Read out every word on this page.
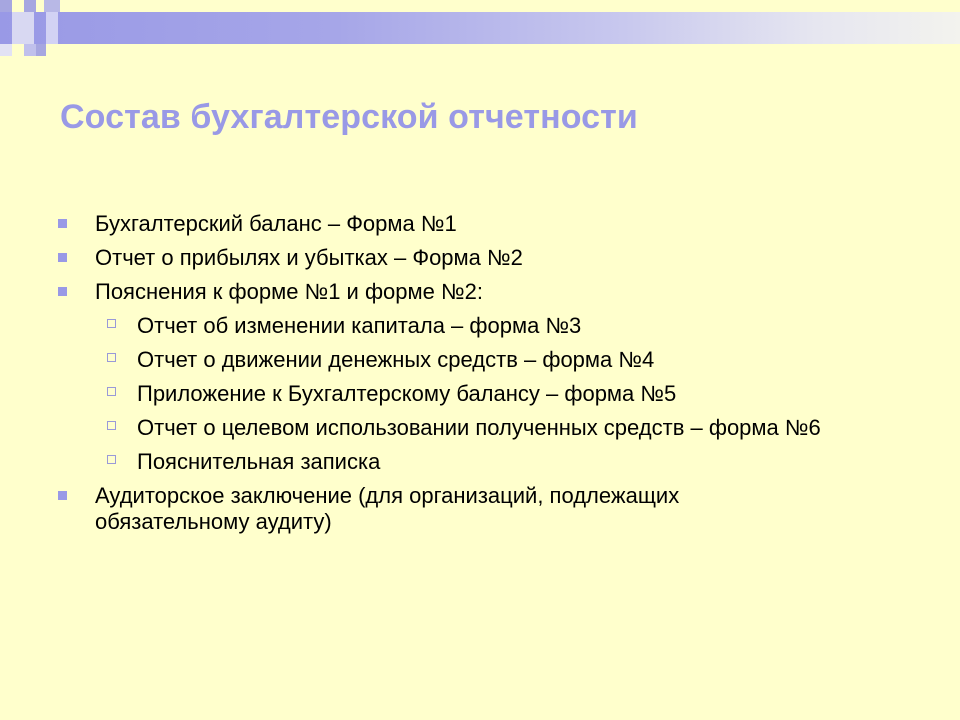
Состав бухгалтерской отчетности
Бухгалтерский баланс – Форма №1
Отчет о прибылях и убытках – Форма №2
Пояснения к форме №1 и форме №2:
Отчет об изменении капитала – форма №3
Отчет о движении денежных средств – форма №4
Приложение к Бухгалтерскому балансу – форма №5
Отчет о целевом использовании полученных средств – форма №6
Пояснительная записка
Аудиторское заключение (для организаций, подлежащих обязательному аудиту)
